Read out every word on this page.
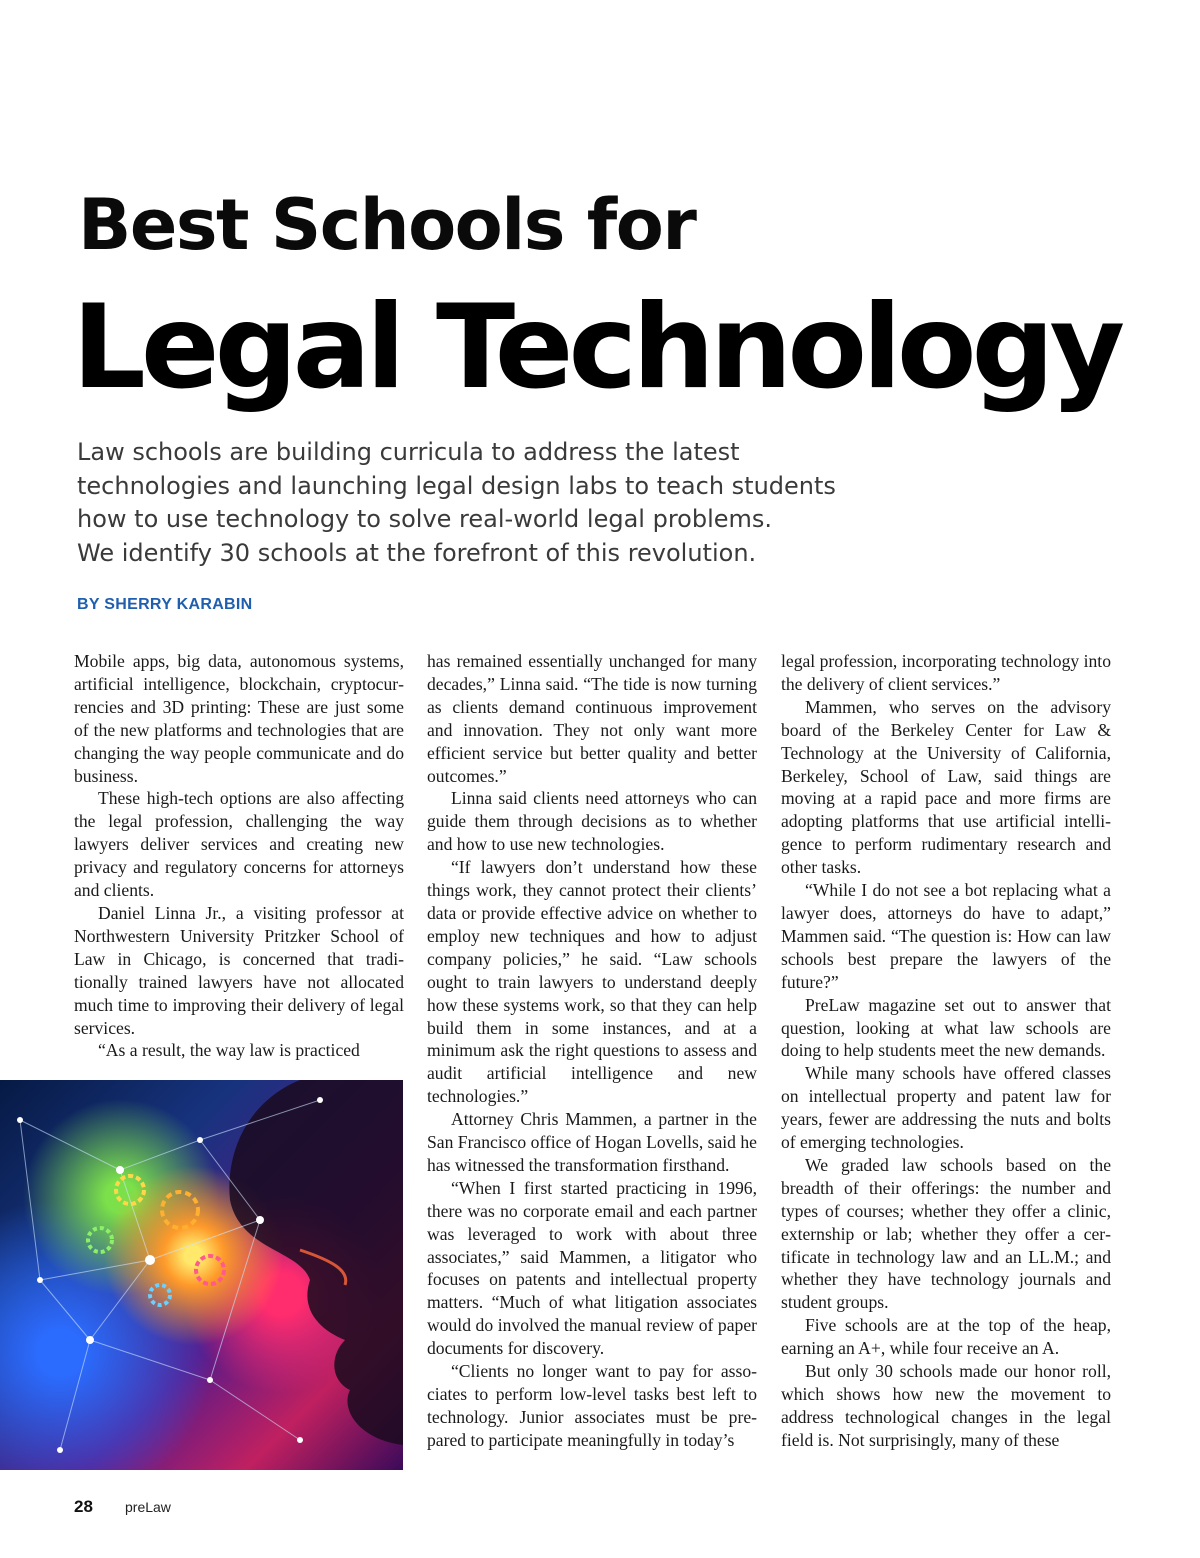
Best Schools for
Legal Technology
Law schools are building curricula to address the latest
technologies and launching legal design labs to teach students
how to use technology to solve real-world legal problems.
We identify 30 schools at the forefront of this revolution.
BY SHERRY KARABIN

Mobile apps, big data, autonomous systems, artificial intelligence, blockchain, cryptocurrencies and 3D printing: These are just some of the new platforms and technologies that are changing the way people communicate and do business.

These high-tech options are also affecting the legal profession, challenging the way lawyers deliver services and creating new privacy and regulatory concerns for attorneys and clients.

Daniel Linna Jr., a visiting professor at Northwestern University Pritzker School of Law in Chicago, is concerned that traditionally trained lawyers have not allocated much time to improving their delivery of legal services.

“As a result, the way law is practiced

has remained essentially unchanged for many decades,” Linna said. “The tide is now turning as clients demand continuous improvement and innovation. They not only want more efficient service but better quality and better outcomes.”

Linna said clients need attorneys who can guide them through decisions as to whether and how to use new technologies.

“If lawyers don’t understand how these things work, they cannot protect their clients’ data or provide effective advice on whether to employ new techniques and how to adjust company policies,” he said. “Law schools ought to train lawyers to understand deeply how these systems work, so that they can help build them in some instances, and at a minimum ask the right questions to assess and audit artificial intelligence and new technologies.”

Attorney Chris Mammen, a partner in the San Francisco office of Hogan Lovells, said he has witnessed the transformation firsthand.

“When I first started practicing in 1996, there was no corporate email and each partner was leveraged to work with about three associates,” said Mammen, a litigator who focuses on patents and intellectual property matters. “Much of what litigation associates would do involved the manual review of paper documents for discovery.

“Clients no longer want to pay for associates to perform low-level tasks best left to technology. Junior associates must be prepared to participate meaningfully in today’s

legal profession, incorporating technology into the delivery of client services.”

Mammen, who serves on the advisory board of the Berkeley Center for Law & Technology at the University of California, Berkeley, School of Law, said things are moving at a rapid pace and more firms are adopting platforms that use artificial intelligence to perform rudimentary research and other tasks.

“While I do not see a bot replacing what a lawyer does, attorneys do have to adapt,” Mammen said. “The question is: How can law schools best prepare the lawyers of the future?”

PreLaw magazine set out to answer that question, looking at what law schools are doing to help students meet the new demands.

While many schools have offered classes on intellectual property and patent law for years, fewer are addressing the nuts and bolts of emerging technologies.

We graded law schools based on the breadth of their offerings: the number and types of courses; whether they offer a clinic, externship or lab; whether they offer a certificate in technology law and an LL.M.; and whether they have technology journals and student groups.

Five schools are at the top of the heap, earning an A+, while four receive an A.

But only 30 schools made our honor roll, which shows how new the movement to address technological changes in the legal field is. Not surprisingly, many of these

28 preLaw
